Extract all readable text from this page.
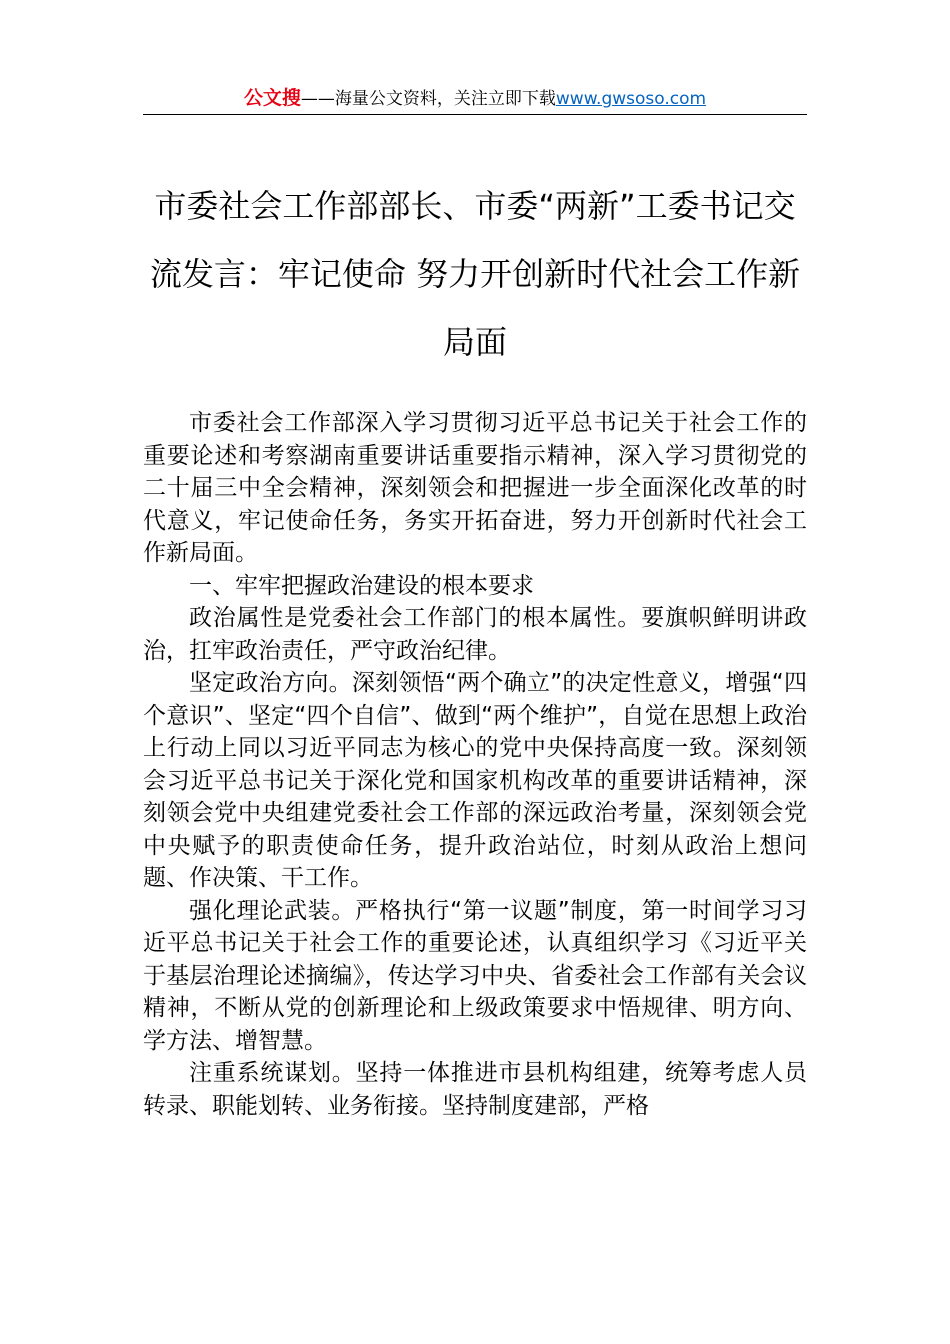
公文搜——海量公文资料，关注立即下载www.gwsoso.com
市委社会工作部部长、市委“两新”工委书记交流发言：牢记使命 努力开创新时代社会工作新局面

市委社会工作部深入学习贯彻习近平总书记关于社会工作的重要论述和考察湖南重要讲话重要指示精神，深入学习贯彻党的二十届三中全会精神，深刻领会和把握进一步全面深化改革的时代意义，牢记使命任务，务实开拓奋进，努力开创新时代社会工作新局面。

一、牢牢把握政治建设的根本要求

政治属性是党委社会工作部门的根本属性。要旗帜鲜明讲政治，扛牢政治责任，严守政治纪律。

坚定政治方向。深刻领悟“两个确立”的决定性意义，增强“四个意识”、坚定“四个自信”、做到“两个维护”，自觉在思想上政治上行动上同以习近平同志为核心的党中央保持高度一致。深刻领会习近平总书记关于深化党和国家机构改革的重要讲话精神，深刻领会党中央组建党委社会工作部的深远政治考量，深刻领会党中央赋予的职责使命任务，提升政治站位，时刻从政治上想问题、作决策、干工作。

强化理论武装。严格执行“第一议题”制度，第一时间学习习近平总书记关于社会工作的重要论述，认真组织学习《习近平关于基层治理论述摘编》，传达学习中央、省委社会工作部有关会议精神，不断从党的创新理论和上级政策要求中悟规律、明方向、学方法、增智慧。

注重系统谋划。坚持一体推进市县机构组建，统筹考虑人员转录、职能划转、业务衔接。坚持制度建部，严格
